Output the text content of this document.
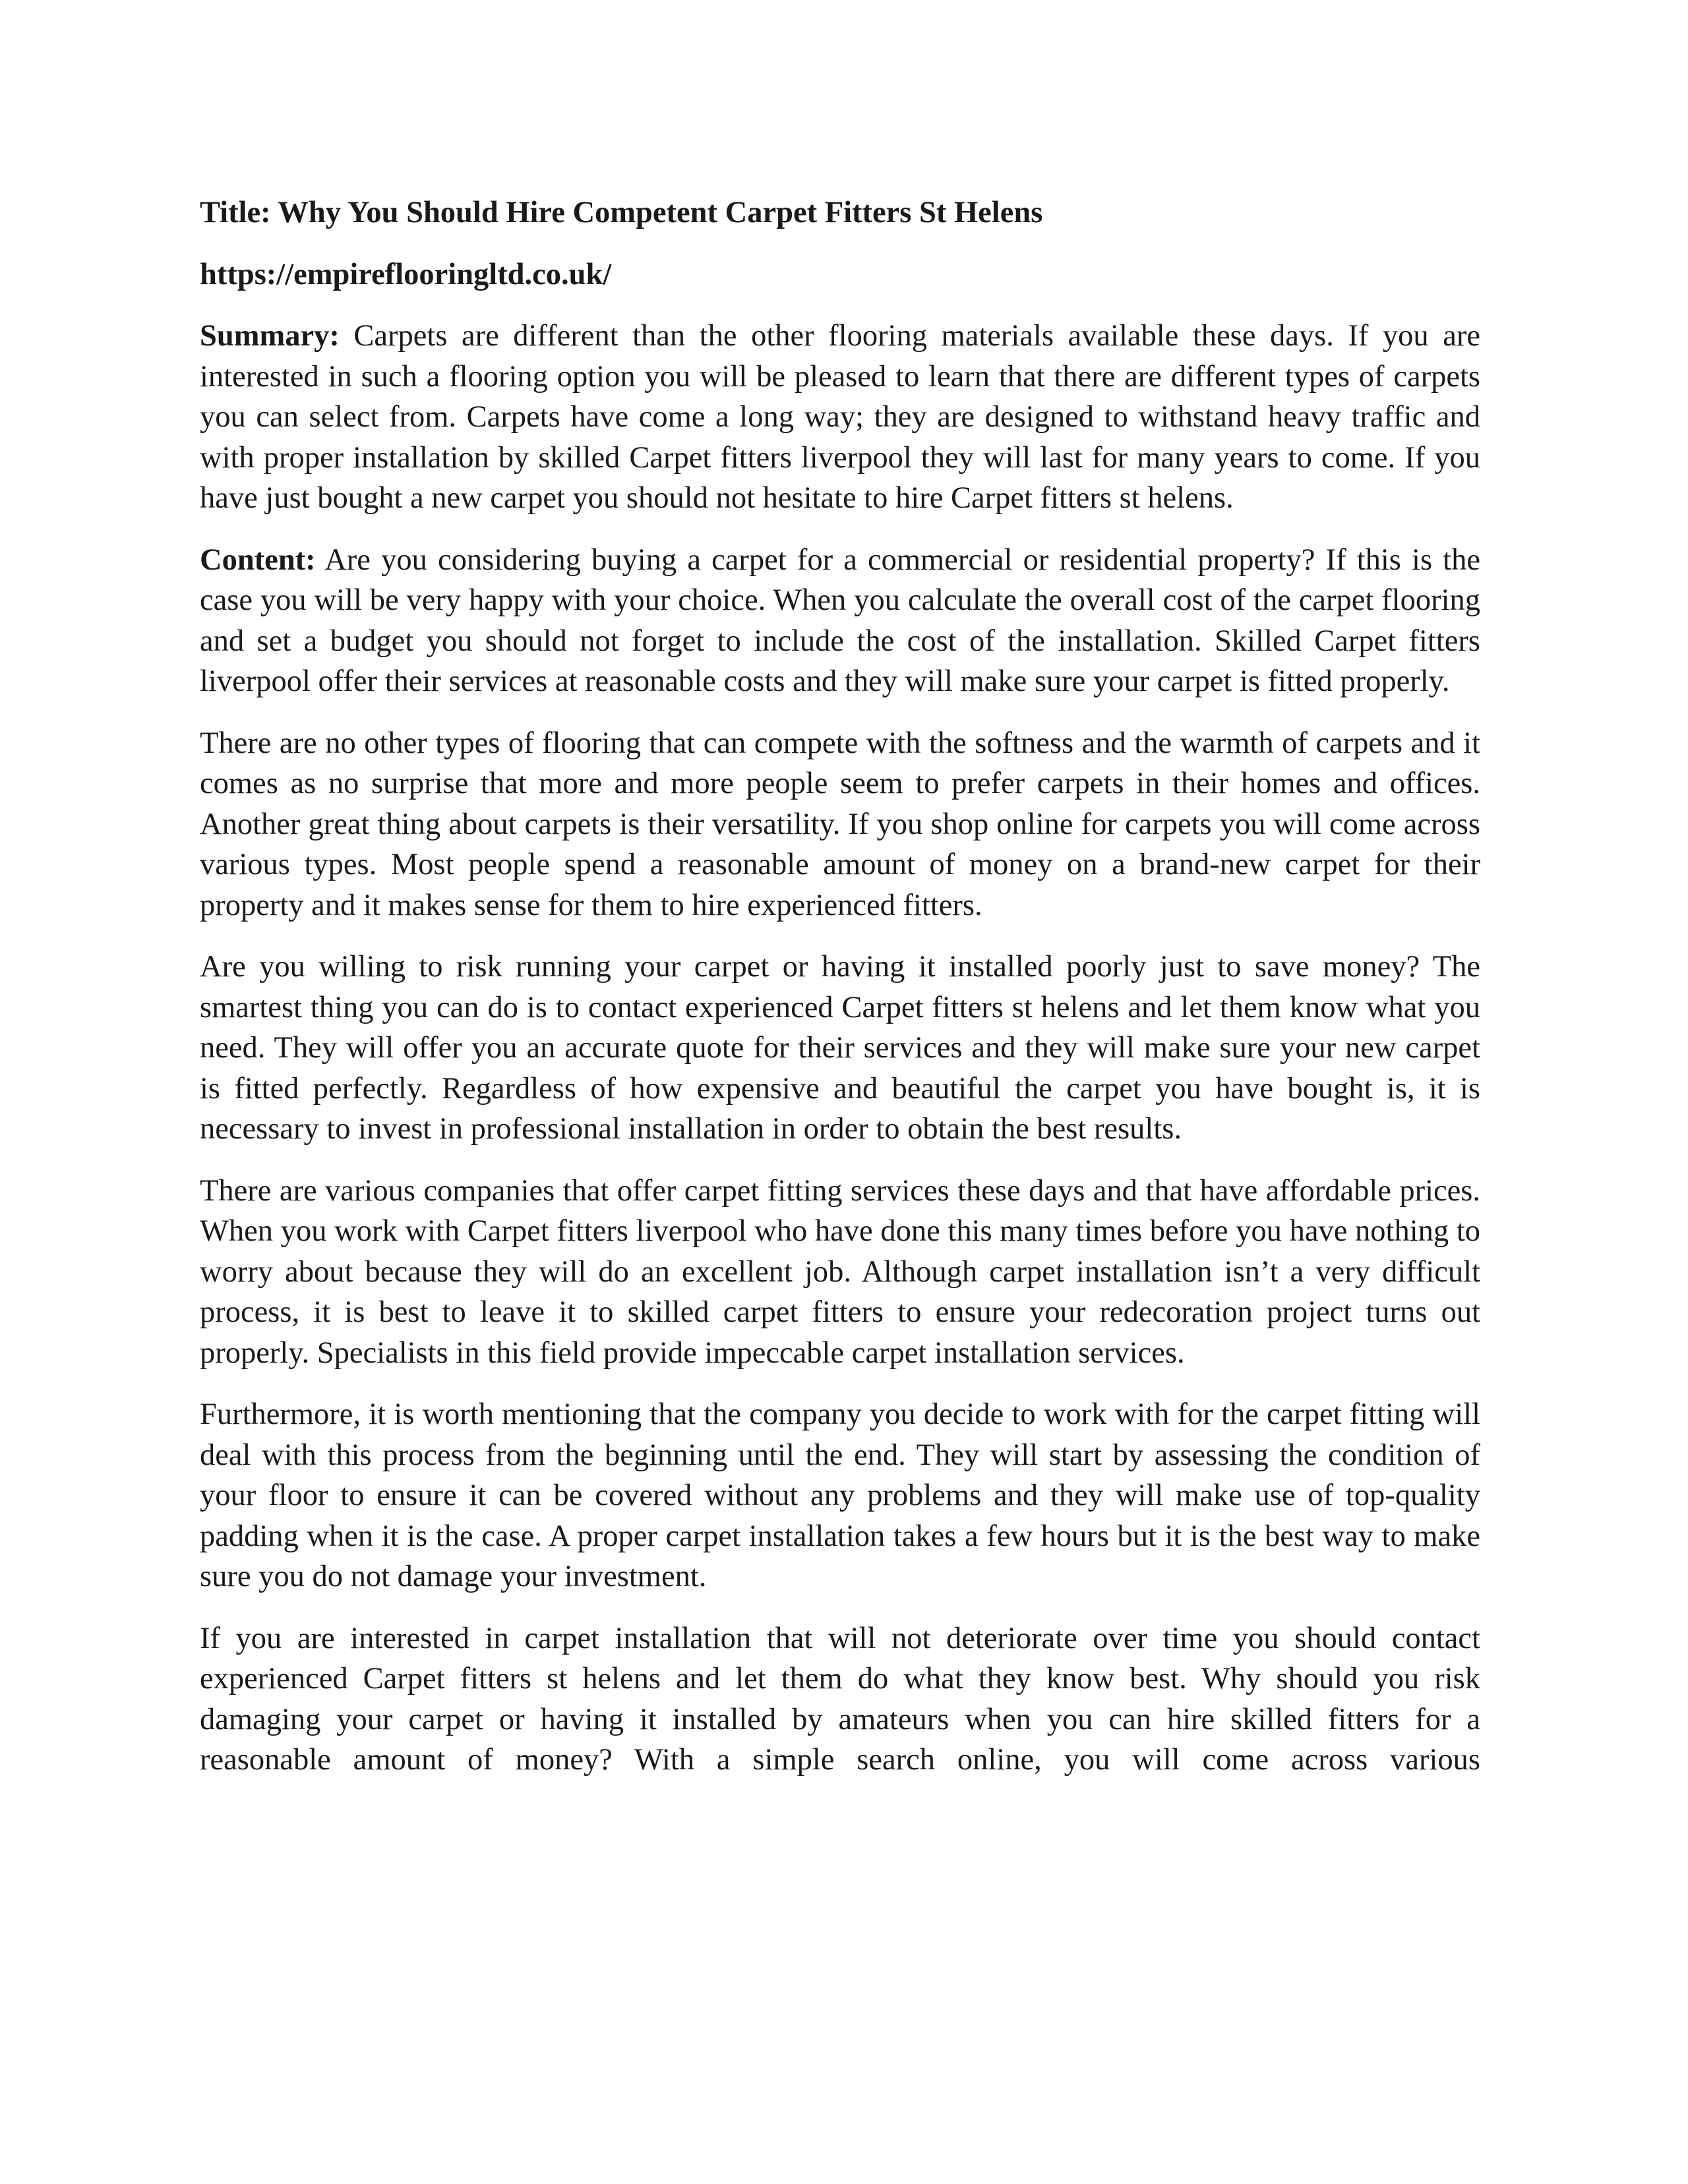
Title: Why You Should Hire Competent Carpet Fitters St Helens

https://empireflooringltd.co.uk/

Summary: Carpets are different than the other flooring materials available these days. If you are interested in such a flooring option you will be pleased to learn that there are different types of carpets you can select from. Carpets have come a long way; they are designed to withstand heavy traffic and with proper installation by skilled Carpet fitters liverpool they will last for many years to come. If you have just bought a new carpet you should not hesitate to hire Carpet fitters st helens.

Content: Are you considering buying a carpet for a commercial or residential property? If this is the case you will be very happy with your choice. When you calculate the overall cost of the carpet flooring and set a budget you should not forget to include the cost of the installation. Skilled Carpet fitters liverpool offer their services at reasonable costs and they will make sure your carpet is fitted properly.

There are no other types of flooring that can compete with the softness and the warmth of carpets and it comes as no surprise that more and more people seem to prefer carpets in their homes and offices. Another great thing about carpets is their versatility. If you shop online for carpets you will come across various types. Most people spend a reasonable amount of money on a brand-new carpet for their property and it makes sense for them to hire experienced fitters.

Are you willing to risk running your carpet or having it installed poorly just to save money? The smartest thing you can do is to contact experienced Carpet fitters st helens and let them know what you need. They will offer you an accurate quote for their services and they will make sure your new carpet is fitted perfectly. Regardless of how expensive and beautiful the carpet you have bought is, it is necessary to invest in professional installation in order to obtain the best results.

There are various companies that offer carpet fitting services these days and that have affordable prices. When you work with Carpet fitters liverpool who have done this many times before you have nothing to worry about because they will do an excellent job. Although carpet installation isn’t a very difficult process, it is best to leave it to skilled carpet fitters to ensure your redecoration project turns out properly. Specialists in this field provide impeccable carpet installation services.

Furthermore, it is worth mentioning that the company you decide to work with for the carpet fitting will deal with this process from the beginning until the end. They will start by assessing the condition of your floor to ensure it can be covered without any problems and they will make use of top-quality padding when it is the case. A proper carpet installation takes a few hours but it is the best way to make sure you do not damage your investment.

If you are interested in carpet installation that will not deteriorate over time you should contact experienced Carpet fitters st helens and let them do what they know best. Why should you risk damaging your carpet or having it installed by amateurs when you can hire skilled fitters for a reasonable amount of money? With a simple search online, you will come across various
